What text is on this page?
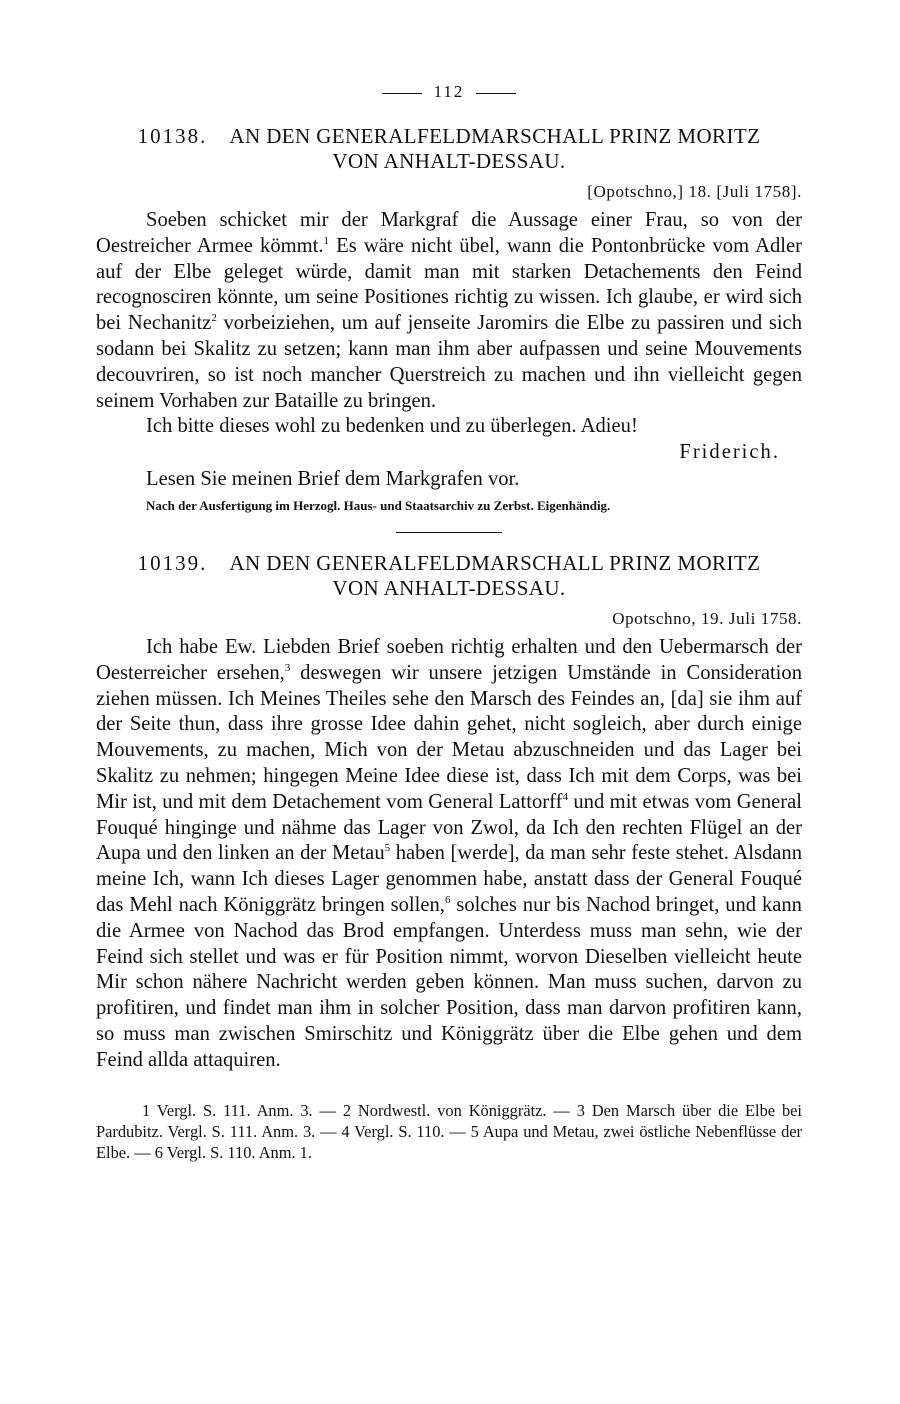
112
10138. AN DEN GENERALFELDMARSCHALL PRINZ MORITZ
VON ANHALT-DESSAU.
[Opotschno,] 18. [Juli 1758].

Soeben schicket mir der Markgraf die Aussage einer Frau, so von der Oestreicher Armee kömmt.$^1$ Es wäre nicht übel, wann die Pontonbrücke vom Adler auf der Elbe geleget würde, damit man mit starken Detachements den Feind recognosciren könnte, um seine Positiones richtig zu wissen. Ich glaube, er wird sich bei Nechanitz$^2$ vorbeiziehen, um auf jenseite Jaromirs die Elbe zu passiren und sich sodann bei Skalitz zu setzen; kann man ihm aber aufpassen und seine Mouvements decouvriren, so ist noch mancher Querstreich zu machen und ihn vielleicht gegen seinem Vorhaben zur Bataille zu bringen.

Ich bitte dieses wohl zu bedenken und zu überlegen. Adieu!

Friderich.

Lesen Sie meinen Brief dem Markgrafen vor.

Nach der Ausfertigung im Herzogl. Haus- und Staatsarchiv zu Zerbst. Eigenhändig.

10139. AN DEN GENERALFELDMARSCHALL PRINZ MORITZ
VON ANHALT-DESSAU.
Opotschno, 19. Juli 1758.

Ich habe Ew. Liebden Brief soeben richtig erhalten und den Uebermarsch der Oesterreicher ersehen,$^3$ deswegen wir unsere jetzigen Umstände in Consideration ziehen müssen. Ich Meines Theiles sehe den Marsch des Feindes an, [da] sie ihm auf der Seite thun, dass ihre grosse Idee dahin gehet, nicht sogleich, aber durch einige Mouvements, zu machen, Mich von der Metau abzuschneiden und das Lager bei Skalitz zu nehmen; hingegen Meine Idee diese ist, dass Ich mit dem Corps, was bei Mir ist, und mit dem Detachement vom General Lattorff$^4$ und mit etwas vom General Fouqué hinginge und nähme das Lager von Zwol, da Ich den rechten Flügel an der Aupa und den linken an der Metau$^5$ haben [werde], da man sehr feste stehet. Alsdann meine Ich, wann Ich dieses Lager genommen habe, anstatt dass der General Fouqué das Mehl nach Königgrätz bringen sollen,$^6$ solches nur bis Nachod bringet, und kann die Armee von Nachod das Brod empfangen. Unterdess muss man sehn, wie der Feind sich stellet und was er für Position nimmt, worvon Dieselben vielleicht heute Mir schon nähere Nachricht werden geben können. Man muss suchen, darvon zu profitiren, und findet man ihm in solcher Position, dass man darvon profitiren kann, so muss man zwischen Smirschitz und Königgrätz über die Elbe gehen und dem Feind allda attaquiren.

1 Vergl. S. 111. Anm. 3. — 2 Nordwestl. von Königgrätz. — 3 Den Marsch über die Elbe bei Pardubitz. Vergl. S. 111. Anm. 3. — 4 Vergl. S. 110. — 5 Aupa und Metau, zwei östliche Nebenflüsse der Elbe. — 6 Vergl. S. 110. Anm. 1.
